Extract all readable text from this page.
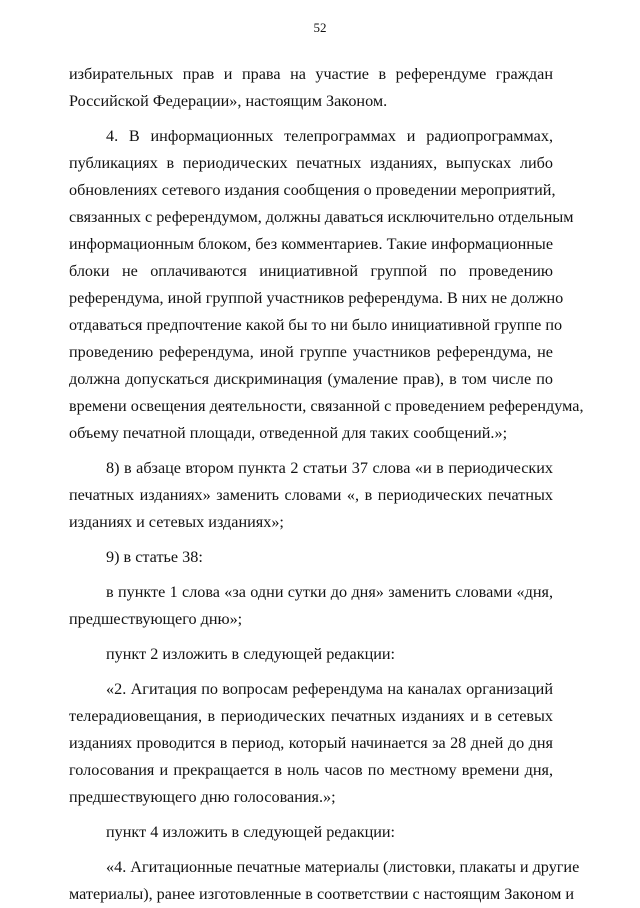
52
избирательных прав и права на участие в референдуме граждан
Российской Федерации», настоящим Законом.
4. В информационных телепрограммах и радиопрограммах,
публикациях в периодических печатных изданиях, выпусках либо
обновлениях сетевого издания сообщения о проведении мероприятий,
связанных с референдумом, должны даваться исключительно отдельным
информационным блоком, без комментариев. Такие информационные
блоки не оплачиваются инициативной группой по проведению
референдума, иной группой участников референдума. В них не должно
отдаваться предпочтение какой бы то ни было инициативной группе по
проведению референдума, иной группе участников референдума, не
должна допускаться дискриминация (умаление прав), в том числе по
времени освещения деятельности, связанной с проведением референдума,
объему печатной площади, отведенной для таких сообщений.»;
8) в абзаце втором пункта 2 статьи 37 слова «и в периодических
печатных изданиях» заменить словами «, в периодических печатных
изданиях и сетевых изданиях»;
9) в статье 38:
в пункте 1 слова «за одни сутки до дня» заменить словами «дня,
предшествующего дню»;
пункт 2 изложить в следующей редакции:
«2. Агитация по вопросам референдума на каналах организаций
телерадиовещания, в периодических печатных изданиях и в сетевых
изданиях проводится в период, который начинается за 28 дней до дня
голосования и прекращается в ноль часов по местному времени дня,
предшествующего дню голосования.»;
пункт 4 изложить в следующей редакции:
«4. Агитационные печатные материалы (листовки, плакаты и другие
материалы), ранее изготовленные в соответствии с настоящим Законом и
